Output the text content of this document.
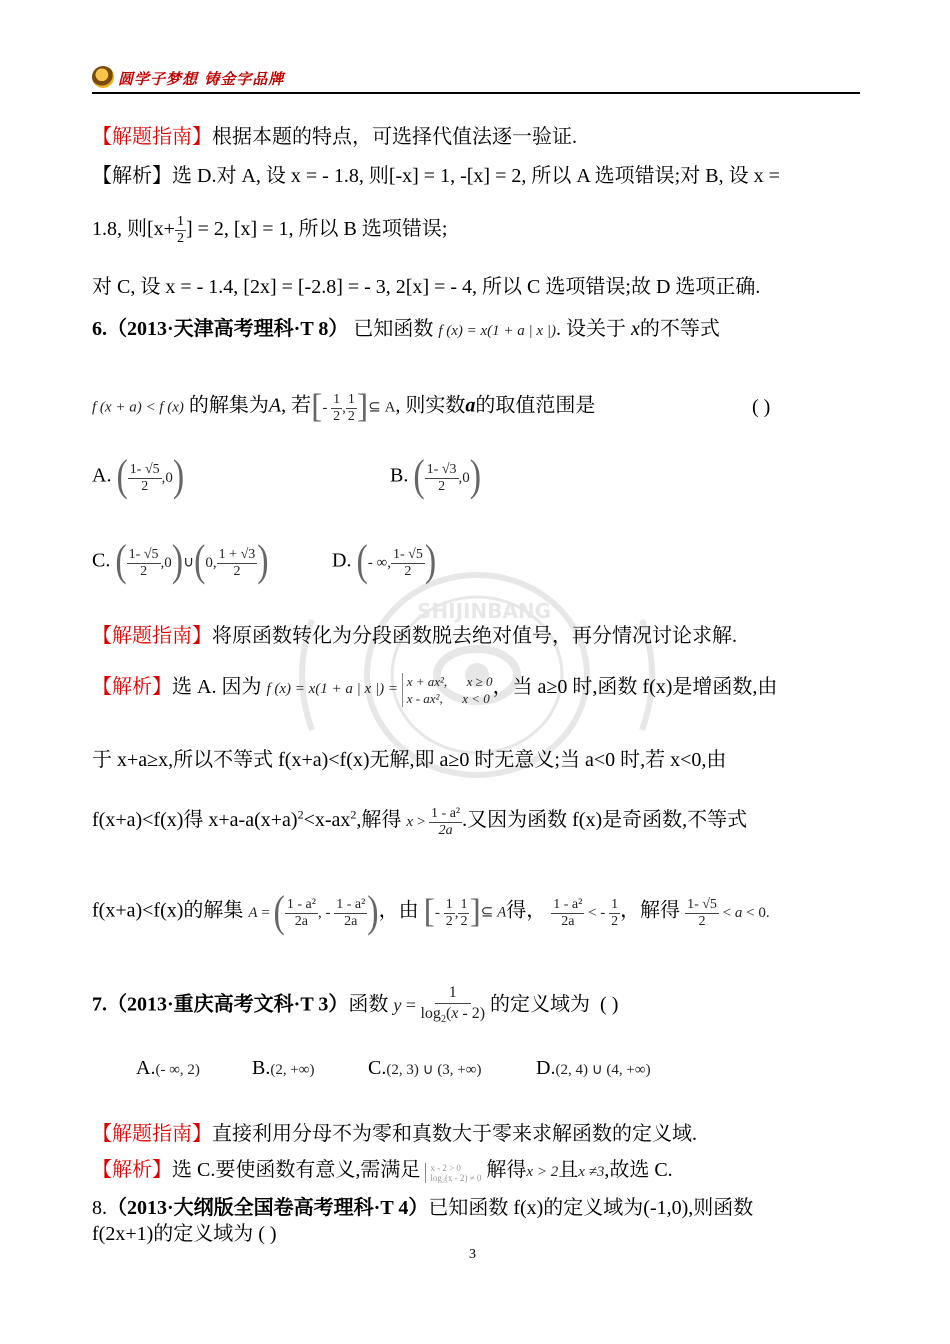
圆学子梦想 铸金字品牌
SHIJINBANG
【解题指南】根据本题的特点，可选择代值法逐一验证.
【解析】选 D.对 A, 设 x = - 1.8, 则[-x] = 1, -[x] = 2, 所以 A 选项错误;对 B, 设 x =
1.8, 则[$x+ \frac{1}{2}$ ] = 2, [x] = 1, 所以 B 选项错误;
对 C, 设 x = - 1.4, [2x] = [-2.8] = - 3, 2[x] = - 4, 所以 C 选项错误;故 D 选项正确.
6.（2013·天津高考理科·T 8） 已知函数 f (x) = x(1 + a | x |). 设关于 x的不等式
f (x + a) < f (x) 的解集为A, 若[- $\frac{1}{2}$ , $\frac{1}{2}$ ]⊆ A, 则实数a的取值范围是	( )
A. ( $\frac{1- √5}{2} ,0$)	B. ( $\frac{1- √3}{2} ,0$)
C. ( $\frac{1- √5}{2}$ ,0)∪(0, $\frac{1 + √3}{2}$ )	D. (- ∞, $\frac{1- √5}{2}$ )
【解题指南】将原函数转化为分段函数脱去绝对值号，再分情况讨论求解.
【解析】选 A. 因为 f (x) = x(1 + a | x |) = x + ax²,      x ≥ 0
x - ax²,      x < 0，当 a≥0 时,函数 f(x)是增函数,由
于 x+a≥x,所以不等式 f(x+a)<f(x)无解,即 a≥0 时无意义;当 a<0 时,若 x<0,由
f(x+a)<f(x)得 $x+a-a(x+a)^2<x-ax^2$,解得 $x > \frac{\text{1 - a²}}{2a}$ .又因为函数 f(x)是奇函数,不等式
f(x+a)<f(x)的解集 A = ( $\frac{\text{1 - a²}}{2a}$ , - $\frac{\text{1 - a²}}{2a}$ )，由 [- $\frac{1}{2}$ , $\frac{1}{2}$ ]⊆ A得， $\frac{\text{1 - a²}}{2a}$ < - $\frac{1}{2}$ ，解得 $\frac{1- √5}{2} < a < 0$.
7.（2013·重庆高考文科·T 3）函数 $y = \frac{1}{\log_2(x - 2)}$ 的定义域为 ( )
A.(- ∞, 2)	B.(2, +∞)	C.(2, 3) ∪ (3, +∞)	D.(2, 4) ∪ (4, +∞)
【解题指南】直接利用分母不为零和真数大于零来求解函数的定义域.
【解析】选 C.要使函数有意义,需满足 x - 2 > 0
log₂(x - 2) ≠ 0 解得x > 2且x ≠3,故选 C.
8.（2013·大纲版全国卷高考理科·T 4）已知函数 f(x)的定义域为(-1,0),则函数
f(2x+1)的定义域为 ( )
3
